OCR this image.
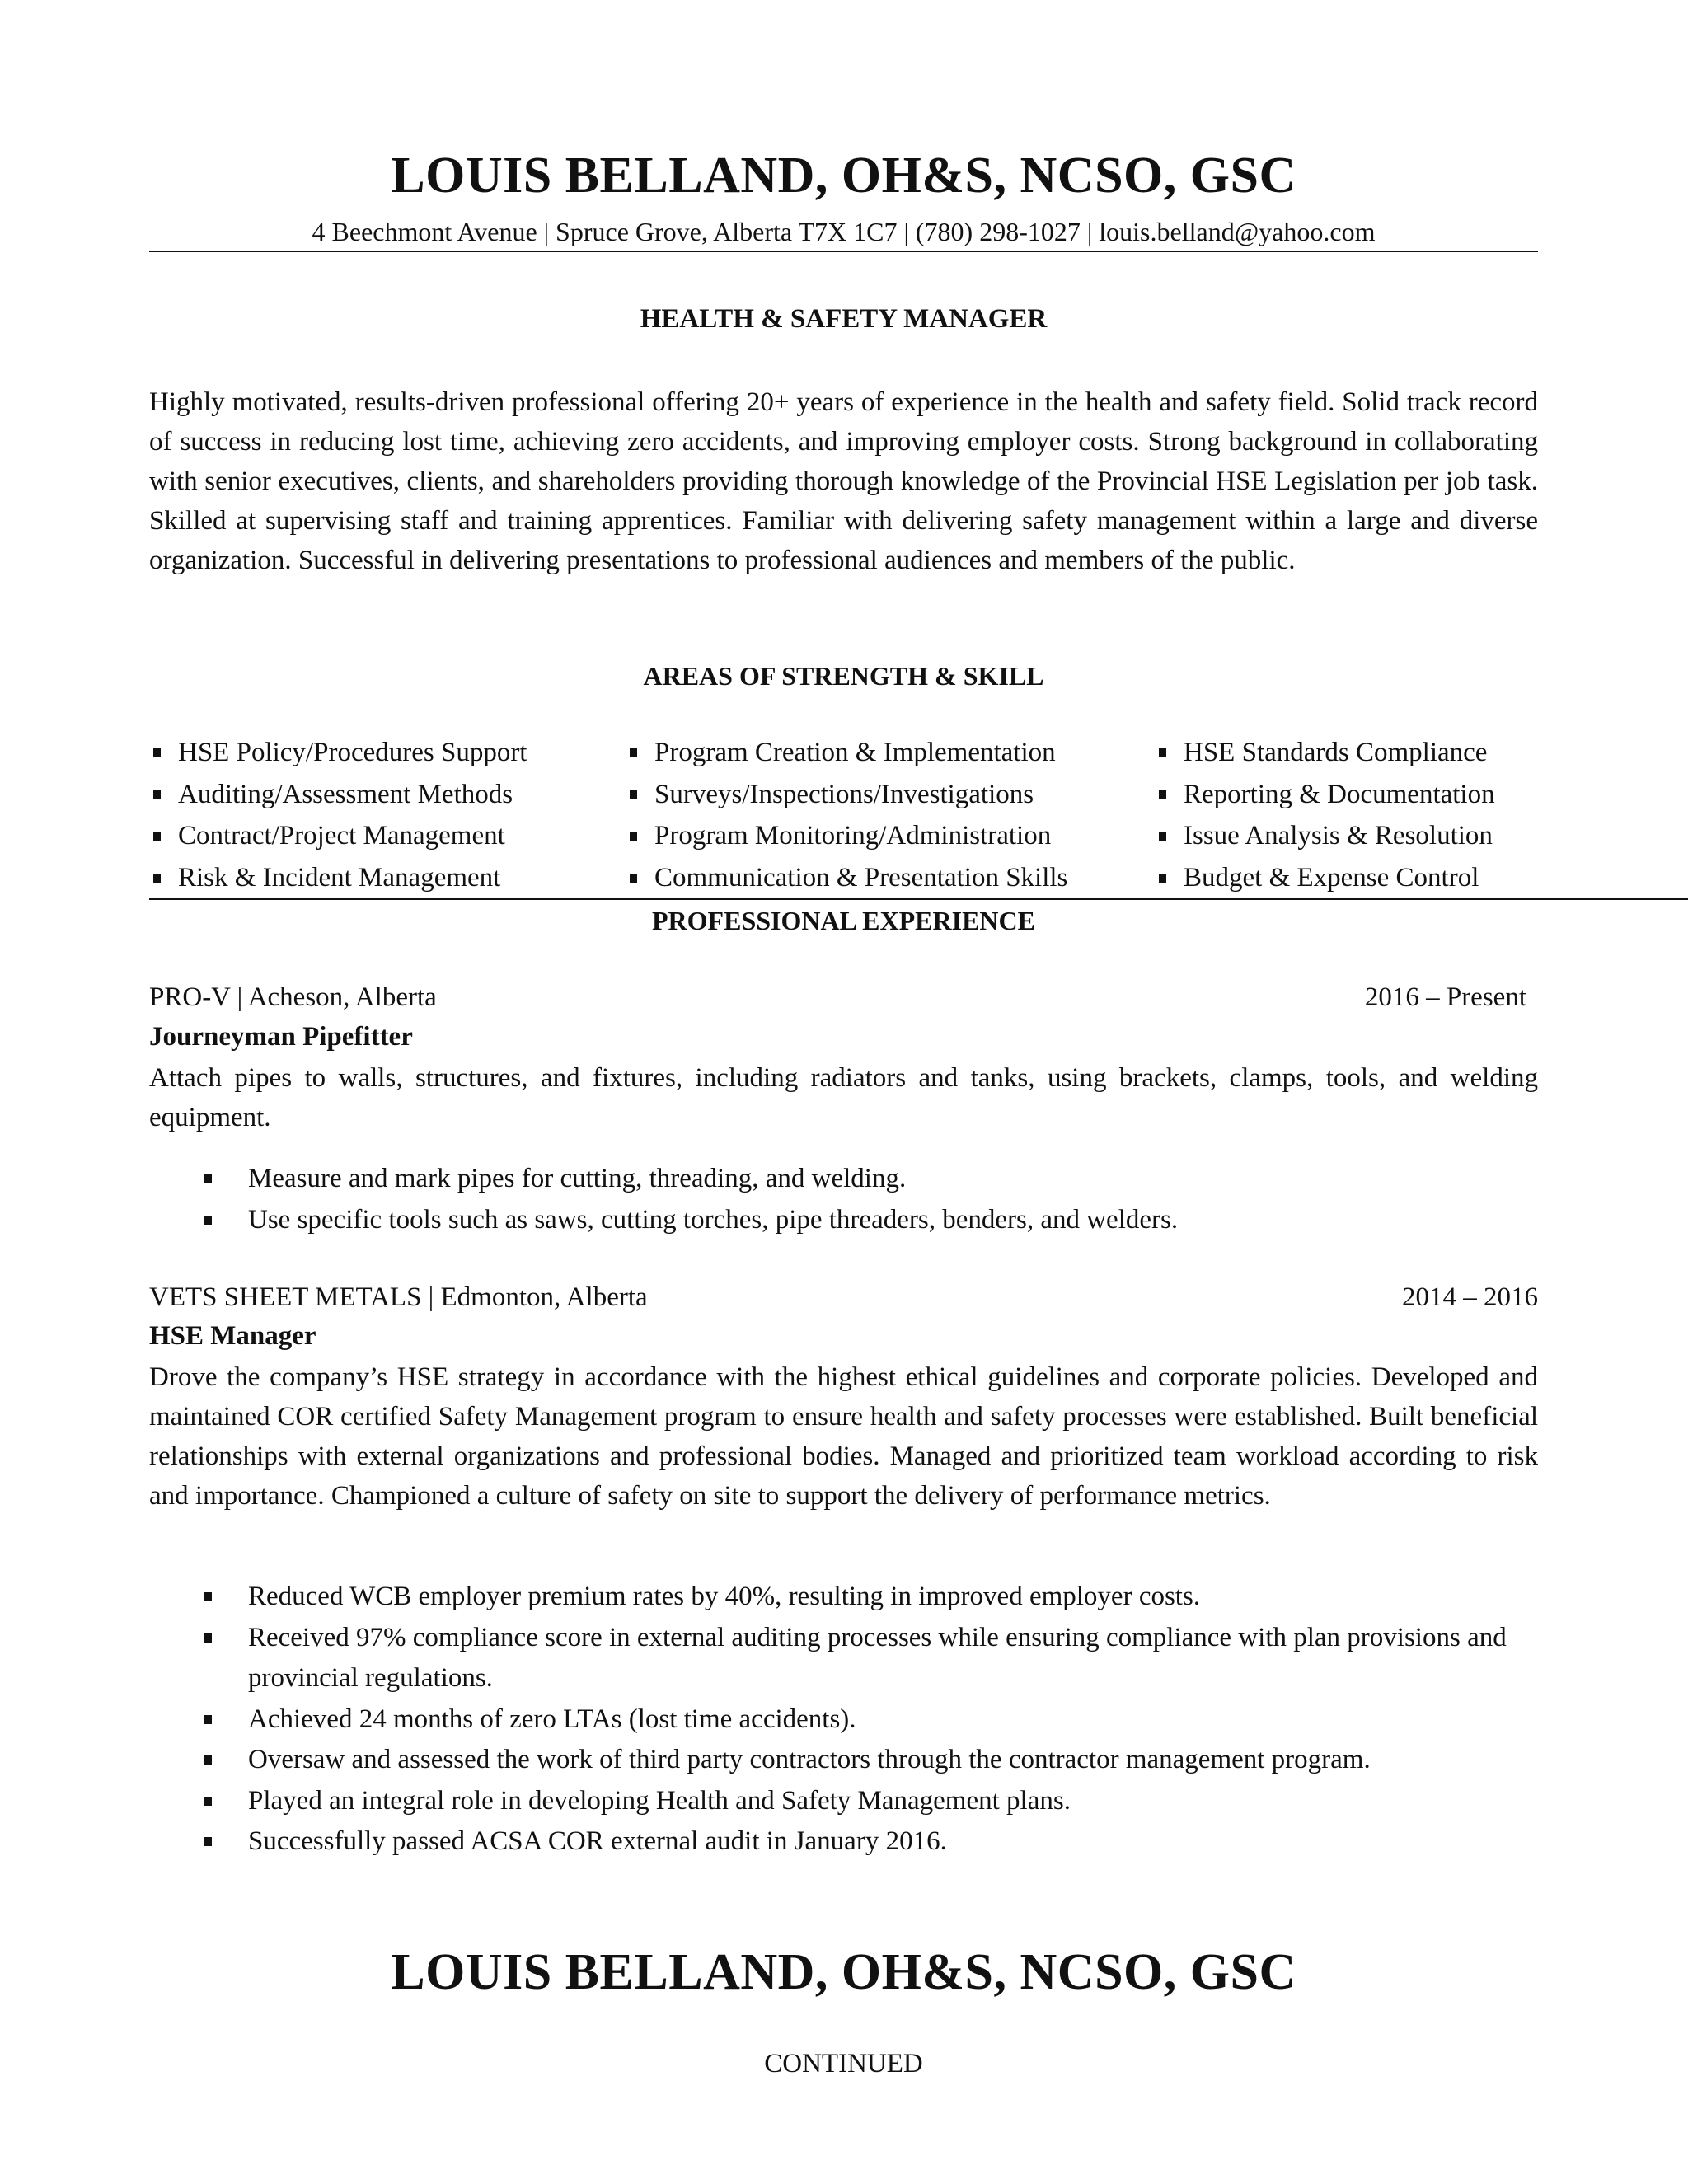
LOUIS BELLAND, OH&S, NCSO, GSC
4 Beechmont Avenue | Spruce Grove, Alberta T7X 1C7 | (780) 298-1027 | louis.belland@yahoo.com
HEALTH & SAFETY MANAGER
Highly motivated, results-driven professional offering 20+ years of experience in the health and safety field. Solid track record of success in reducing lost time, achieving zero accidents, and improving employer costs. Strong background in collaborating with senior executives, clients, and shareholders providing thorough knowledge of the Provincial HSE Legislation per job task. Skilled at supervising staff and training apprentices. Familiar with delivering safety management within a large and diverse organization. Successful in delivering presentations to professional audiences and members of the public.
AREAS OF STRENGTH & SKILL
HSE Policy/Procedures Support	Program Creation & Implementation	HSE Standards Compliance
Auditing/Assessment Methods	Surveys/Inspections/Investigations	Reporting & Documentation
Contract/Project Management	Program Monitoring/Administration	Issue Analysis & Resolution
Risk & Incident Management	Communication & Presentation Skills	Budget & Expense Control
PROFESSIONAL EXPERIENCE
PRO-V | Acheson, Alberta	2016 – Present
Journeyman Pipefitter
Attach pipes to walls, structures, and fixtures, including radiators and tanks, using brackets, clamps, tools, and welding equipment.
Measure and mark pipes for cutting, threading, and welding.
Use specific tools such as saws, cutting torches, pipe threaders, benders, and welders.
VETS SHEET METALS | Edmonton, Alberta	2014 – 2016
HSE Manager
Drove the company’s HSE strategy in accordance with the highest ethical guidelines and corporate policies. Developed and maintained COR certified Safety Management program to ensure health and safety processes were established. Built beneficial relationships with external organizations and professional bodies. Managed and prioritized team workload according to risk and importance. Championed a culture of safety on site to support the delivery of performance metrics.
Reduced WCB employer premium rates by 40%, resulting in improved employer costs.
Received 97% compliance score in external auditing processes while ensuring compliance with plan provisions and provincial regulations.
Achieved 24 months of zero LTAs (lost time accidents).
Oversaw and assessed the work of third party contractors through the contractor management program.
Played an integral role in developing Health and Safety Management plans.
Successfully passed ACSA COR external audit in January 2016.
LOUIS BELLAND, OH&S, NCSO, GSC
CONTINUED
